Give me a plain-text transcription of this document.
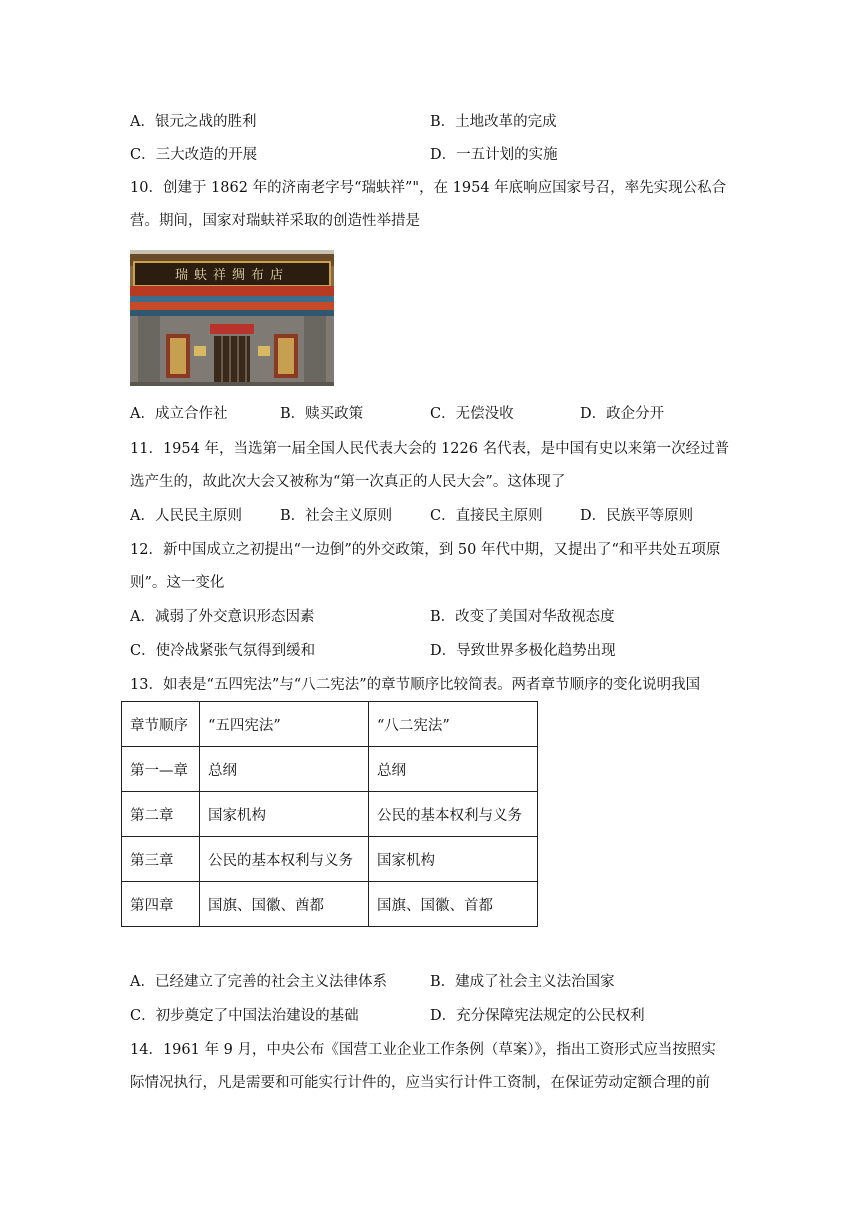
A．银元之战的胜利	B．土地改革的完成
C．三大改造的开展	D．一五计划的实施
10．创建于 1862 年的济南老字号“瑞蚨祥”"，在 1954 年底响应国家号召，率先实现公私合
营。期间，国家对瑞蚨祥采取的创造性举措是
瑞蚨祥绸布店
A．成立合作社	B．赎买政策	C．无偿没收	D．政企分开
11．1954 年，当选第一届全国人民代表大会的 1226 名代表，是中国有史以来第一次经过普
选产生的，故此次大会又被称为“第一次真正的人民大会”。这体现了
A．人民民主原则	B．社会主义原则	C．直接民主原则	D．民族平等原则
12．新中国成立之初提出“一边倒”的外交政策，到 50 年代中期，又提出了“和平共处五项原
则”。这一变化
A．减弱了外交意识形态因素	B．改变了美国对华敌视态度
C．使冷战紧张气氛得到缓和	D．导致世界多极化趋势出现
13．如表是“五四宪法”与“八二宪法”的章节顺序比较简表。两者章节顺序的变化说明我国
章节顺序	“五四宪法”	“八二宪法”
第一—章	总纲	总纲
第二章	国家机构	公民的基本权利与义务
第三章	公民的基本权利与义务	国家机构
第四章	国旗、国徽、酋都	国旗、国徽、首都
A．已经建立了完善的社会主义法律体系	B．建成了社会主义法治国家
C．初步奠定了中国法治建设的基础	D．充分保障宪法规定的公民权利
14．1961 年 9 月，中央公布《国营工业企业工作条例（草案）》，指出工资形式应当按照实
际情况执行，凡是需要和可能实行计件的，应当实行计件工资制，在保证劳动定额合理的前
